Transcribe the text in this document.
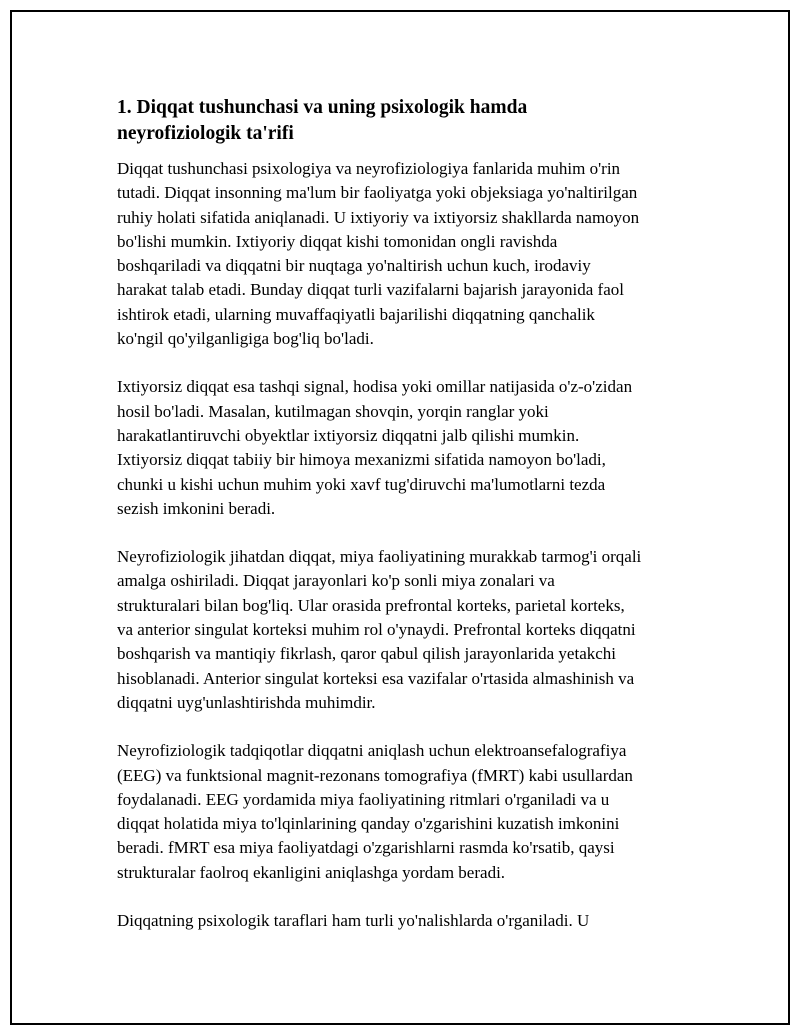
1. Diqqat tushunchasi va uning psixologik hamda
neyrofiziologik ta'rifi

Diqqat tushunchasi psixologiya va neyrofiziologiya fanlarida muhim o'rin
tutadi. Diqqat insonning ma'lum bir faoliyatga yoki objeksiaga yo'naltirilgan
ruhiy holati sifatida aniqlanadi. U ixtiyoriy va ixtiyorsiz shakllarda namoyon
bo'lishi mumkin. Ixtiyoriy diqqat kishi tomonidan ongli ravishda
boshqariladi va diqqatni bir nuqtaga yo'naltirish uchun kuch, irodaviy
harakat talab etadi. Bunday diqqat turli vazifalarni bajarish jarayonida faol
ishtirok etadi, ularning muvaffaqiyatli bajarilishi diqqatning qanchalik
ko'ngil qo'yilganligiga bog'liq bo'ladi.

Ixtiyorsiz diqqat esa tashqi signal, hodisa yoki omillar natijasida o'z-o'zidan
hosil bo'ladi. Masalan, kutilmagan shovqin, yorqin ranglar yoki
harakatlantiruvchi obyektlar ixtiyorsiz diqqatni jalb qilishi mumkin.
Ixtiyorsiz diqqat tabiiy bir himoya mexanizmi sifatida namoyon bo'ladi,
chunki u kishi uchun muhim yoki xavf tug'diruvchi ma'lumotlarni tezda
sezish imkonini beradi.

Neyrofiziologik jihatdan diqqat, miya faoliyatining murakkab tarmog'i orqali
amalga oshiriladi. Diqqat jarayonlari ko'p sonli miya zonalari va
strukturalari bilan bog'liq. Ular orasida prefrontal korteks, parietal korteks,
va anterior singulat korteksi muhim rol o'ynaydi. Prefrontal korteks diqqatni
boshqarish va mantiqiy fikrlash, qaror qabul qilish jarayonlarida yetakchi
hisoblanadi. Anterior singulat korteksi esa vazifalar o'rtasida almashinish va
diqqatni uyg'unlashtirishda muhimdir.

Neyrofiziologik tadqiqotlar diqqatni aniqlash uchun elektroansefalografiya
(EEG) va funktsional magnit-rezonans tomografiya (fMRT) kabi usullardan
foydalanadi. EEG yordamida miya faoliyatining ritmlari o'rganiladi va u
diqqat holatida miya to'lqinlarining qanday o'zgarishini kuzatish imkonini
beradi. fMRT esa miya faoliyatdagi o'zgarishlarni rasmda ko'rsatib, qaysi
strukturalar faolroq ekanligini aniqlashga yordam beradi.

Diqqatning psixologik taraflari ham turli yo'nalishlarda o'rganiladi. U
